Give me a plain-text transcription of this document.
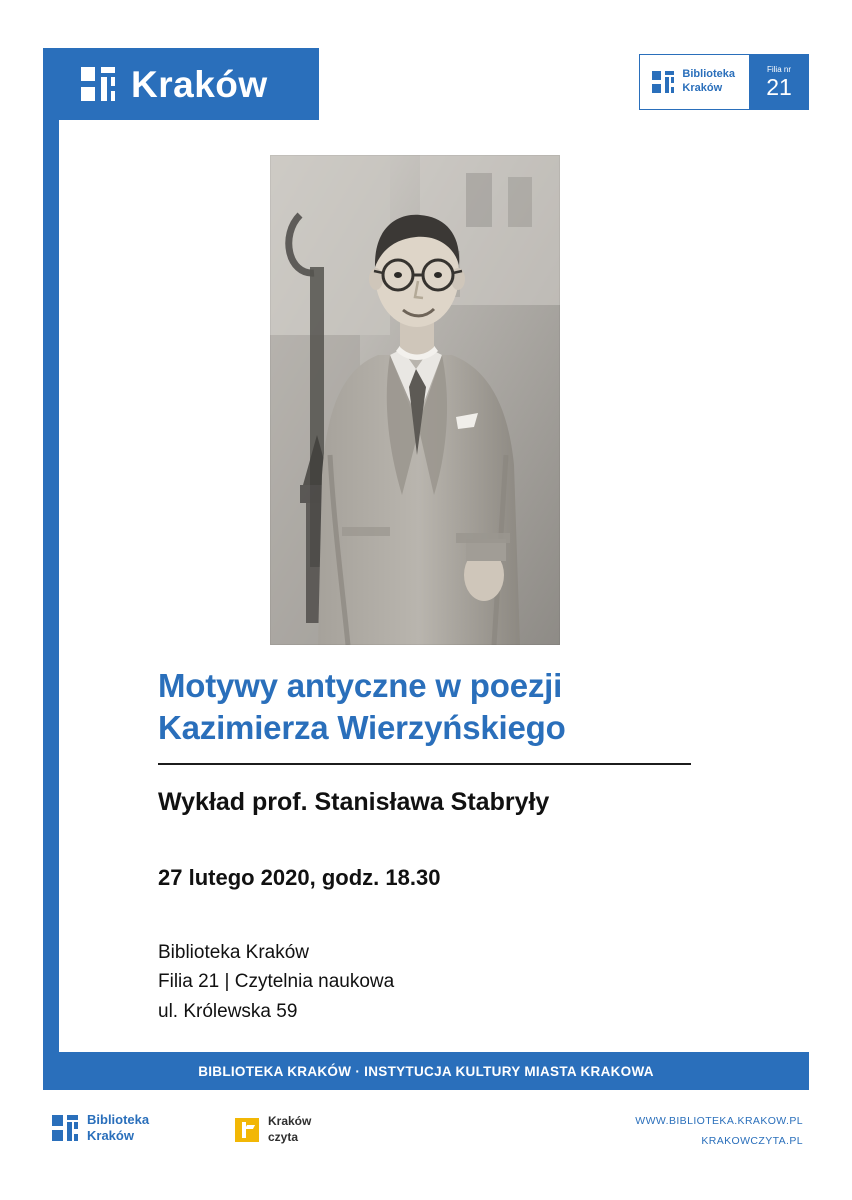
Kraków	Biblioteka
Kraków
Filia nr
21
Motywy antyczne w poezji
Kazimierza Wierzyńskiego
Wykład prof. Stanisława Stabryły
27 lutego 2020, godz. 18.30
Biblioteka Kraków
Filia 21 | Czytelnia naukowa
ul. Królewska 59
BIBLIOTEKA KRAKÓW · INSTYTUCJA KULTURY MIASTA KRAKOWA
Biblioteka
Kraków
Kraków
czyta
WWW.BIBLIOTEKA.KRAKOW.PL
KRAKOWCZYTA.PL
